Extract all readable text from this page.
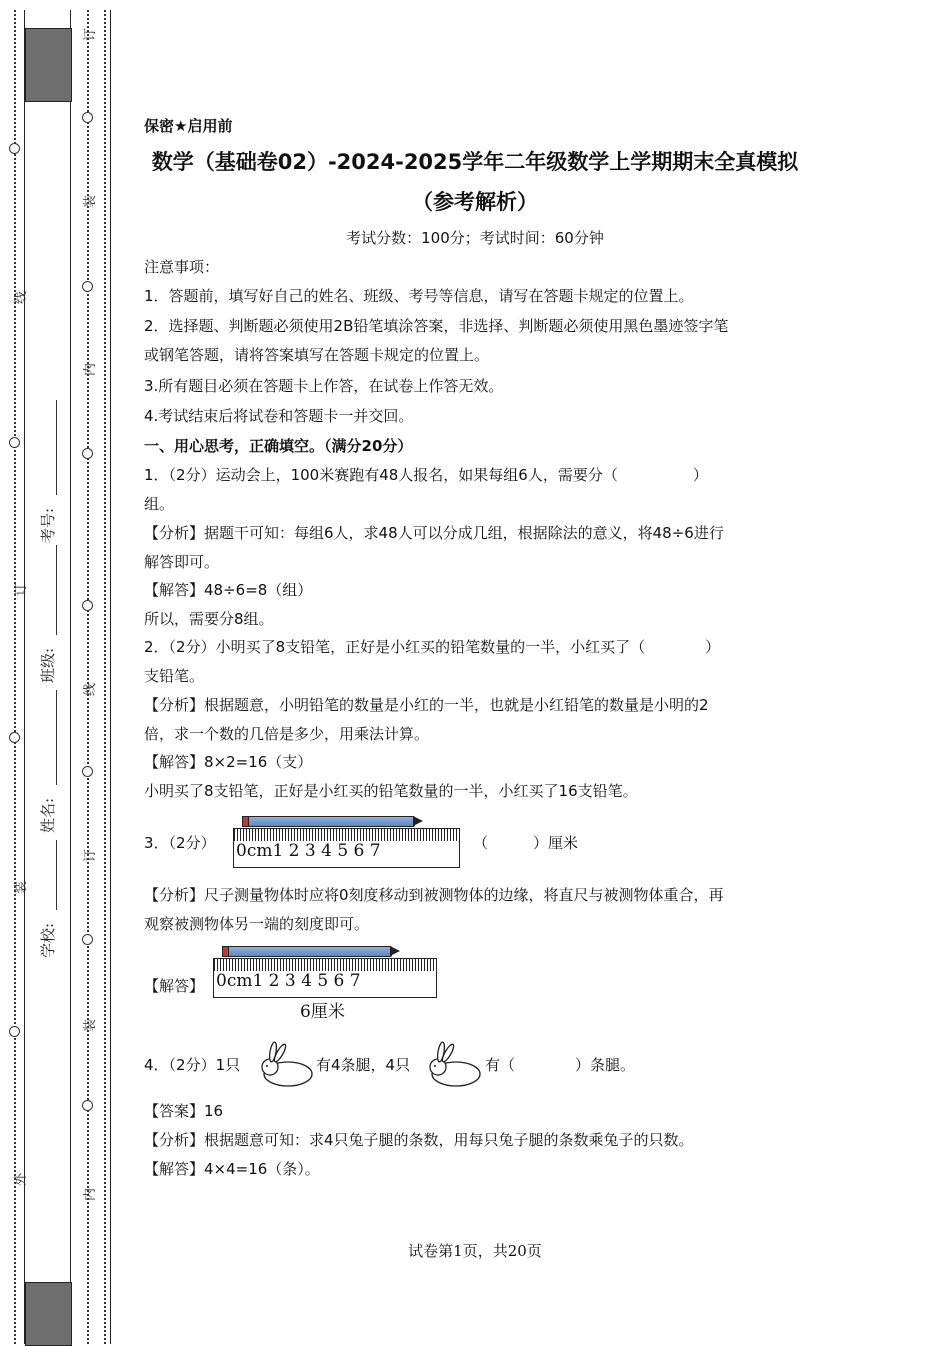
线
订
装
外
订
装
内
线
订
装
内
学校:
姓名:
班级:
考号:
保密★启用前
数学（基础卷02）-2024-2025学年二年级数学上学期期末全真模拟
（参考解析）
考试分数：100分；考试时间：60分钟
注意事项：
1．答题前，填写好自己的姓名、班级、考号等信息，请写在答题卡规定的位置上。
2．选择题、判断题必须使用2B铅笔填涂答案，非选择、判断题必须使用黑色墨迹签字笔
或钢笔答题，请将答案填写在答题卡规定的位置上。
3.所有题目必须在答题卡上作答，在试卷上作答无效。
4.考试结束后将试卷和答题卡一并交回。
一、用心思考，正确填空。（满分20分）
1．（2分）运动会上，100米赛跑有48人报名，如果每组6人，需要分（　　　　　）
组。
【分析】据题干可知：每组6人，求48人可以分成几组，根据除法的意义，将48÷6进行
解答即可。
【解答】48÷6=8（组）
所以，需要分8组。
2．（2分）小明买了8支铅笔，正好是小红买的铅笔数量的一半，小红买了（　　　　）
支铅笔。
【分析】根据题意，小明铅笔的数量是小红的一半，也就是小红铅笔的数量是小明的2
倍，求一个数的几倍是多少，用乘法计算。
【解答】8×2=16（支）
小明买了8支铅笔，正好是小红买的铅笔数量的一半，小红买了16支铅笔。
3．（2分） 0cm1 2 3 4 5 6 7	（　　　）厘米
【分析】尺子测量物体时应将0刻度移动到被测物体的边缘，将直尺与被测物体重合，再
观察被测物体另一端的刻度即可。
【解答】 0cm1 2 3 4 5 6 7
6厘米
4．（2分）1只	有4条腿，4只	有（　　　　）条腿。
【答案】16
【分析】根据题意可知：求4只兔子腿的条数，用每只兔子腿的条数乘兔子的只数。
【解答】4×4=16（条）。
试卷第1页，共20页
